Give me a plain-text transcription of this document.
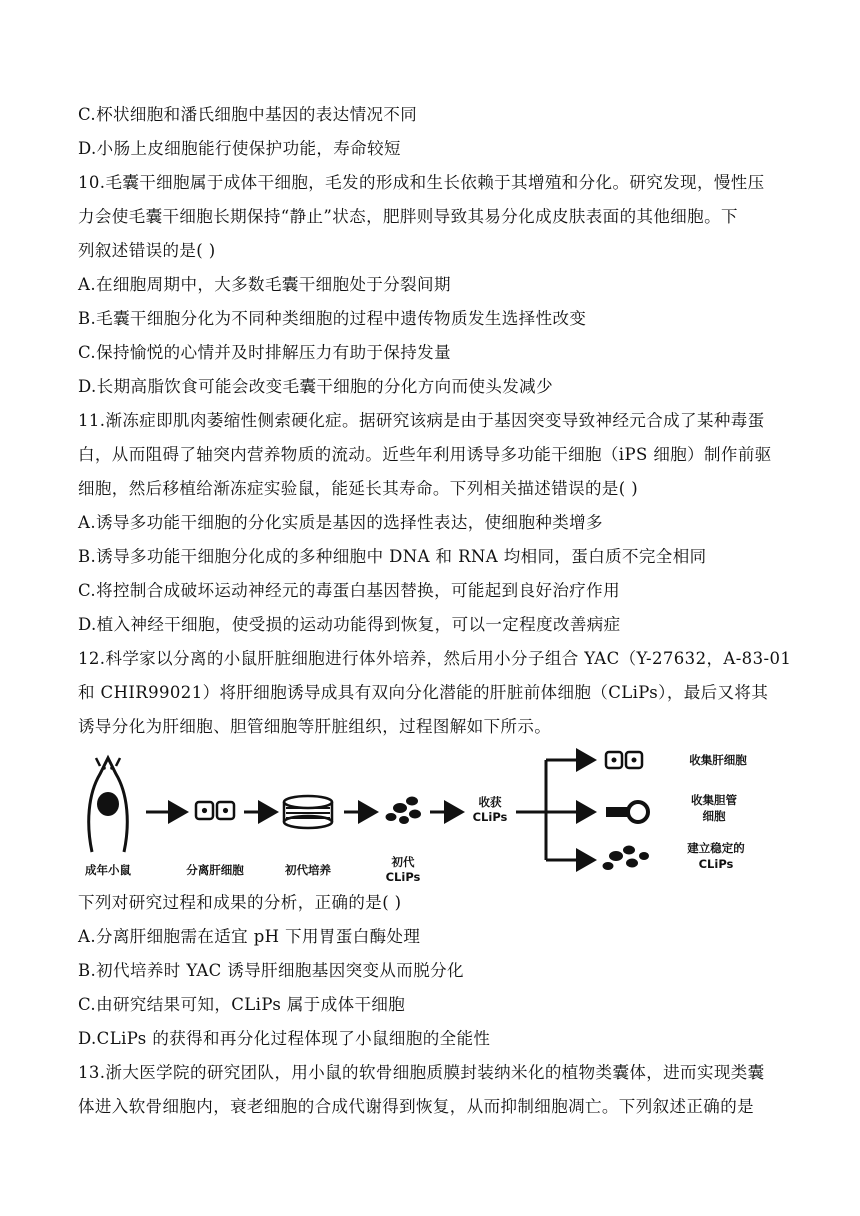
C.杯状细胞和潘氏细胞中基因的表达情况不同
D.小肠上皮细胞能行使保护功能，寿命较短
10.毛囊干细胞属于成体干细胞，毛发的形成和生长依赖于其增殖和分化。研究发现，慢性压
力会使毛囊干细胞长期保持“静止”状态，肥胖则导致其易分化成皮肤表面的其他细胞。下
列叙述错误的是( )
A.在细胞周期中，大多数毛囊干细胞处于分裂间期
B.毛囊干细胞分化为不同种类细胞的过程中遗传物质发生选择性改变
C.保持愉悦的心情并及时排解压力有助于保持发量
D.长期高脂饮食可能会改变毛囊干细胞的分化方向而使头发减少
11.渐冻症即肌肉萎缩性侧索硬化症。据研究该病是由于基因突变导致神经元合成了某种毒蛋
白，从而阻碍了轴突内营养物质的流动。近些年利用诱导多功能干细胞（iPS 细胞）制作前驱
细胞，然后移植给渐冻症实验鼠，能延长其寿命。下列相关描述错误的是( )
A.诱导多功能干细胞的分化实质是基因的选择性表达，使细胞种类增多
B.诱导多功能干细胞分化成的多种细胞中 DNA 和 RNA 均相同，蛋白质不完全相同
C.将控制合成破坏运动神经元的毒蛋白基因替换，可能起到良好治疗作用
D.植入神经干细胞，使受损的运动功能得到恢复，可以一定程度改善病症
12.科学家以分离的小鼠肝脏细胞进行体外培养，然后用小分子组合 YAC（Y-27632，A-83-01
和 CHIR99021）将肝细胞诱导成具有双向分化潜能的肝脏前体细胞（CLiPs），最后又将其
诱导分化为肝细胞、胆管细胞等肝脏组织，过程图解如下所示。
成年小鼠	分离肝细胞	初代培养
初代
CLiPs
收获
CLiPs
收集肝细胞
收集胆管
细胞
建立稳定的
CLiPs
下列对研究过程和成果的分析，正确的是( )
A.分离肝细胞需在适宜 pH 下用胃蛋白酶处理
B.初代培养时 YAC 诱导肝细胞基因突变从而脱分化
C.由研究结果可知，CLiPs 属于成体干细胞
D.CLiPs 的获得和再分化过程体现了小鼠细胞的全能性
13.浙大医学院的研究团队，用小鼠的软骨细胞质膜封装纳米化的植物类囊体，进而实现类囊
体进入软骨细胞内，衰老细胞的合成代谢得到恢复，从而抑制细胞凋亡。下列叙述正确的是
